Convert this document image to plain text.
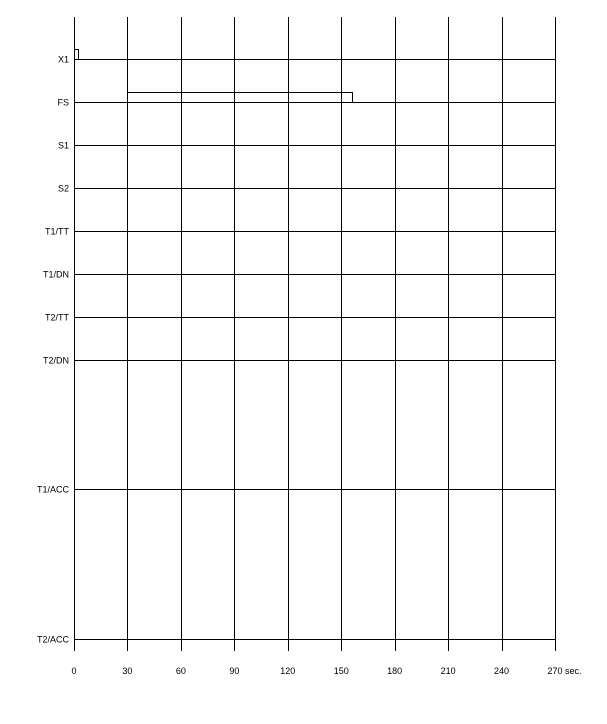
X1
FS
S1
S2
T1/TT
T1/DN
T2/TT
T2/DN
T1/ACC
T2/ACC
0	30	60	90	120	150	180	210	240	270 sec.
